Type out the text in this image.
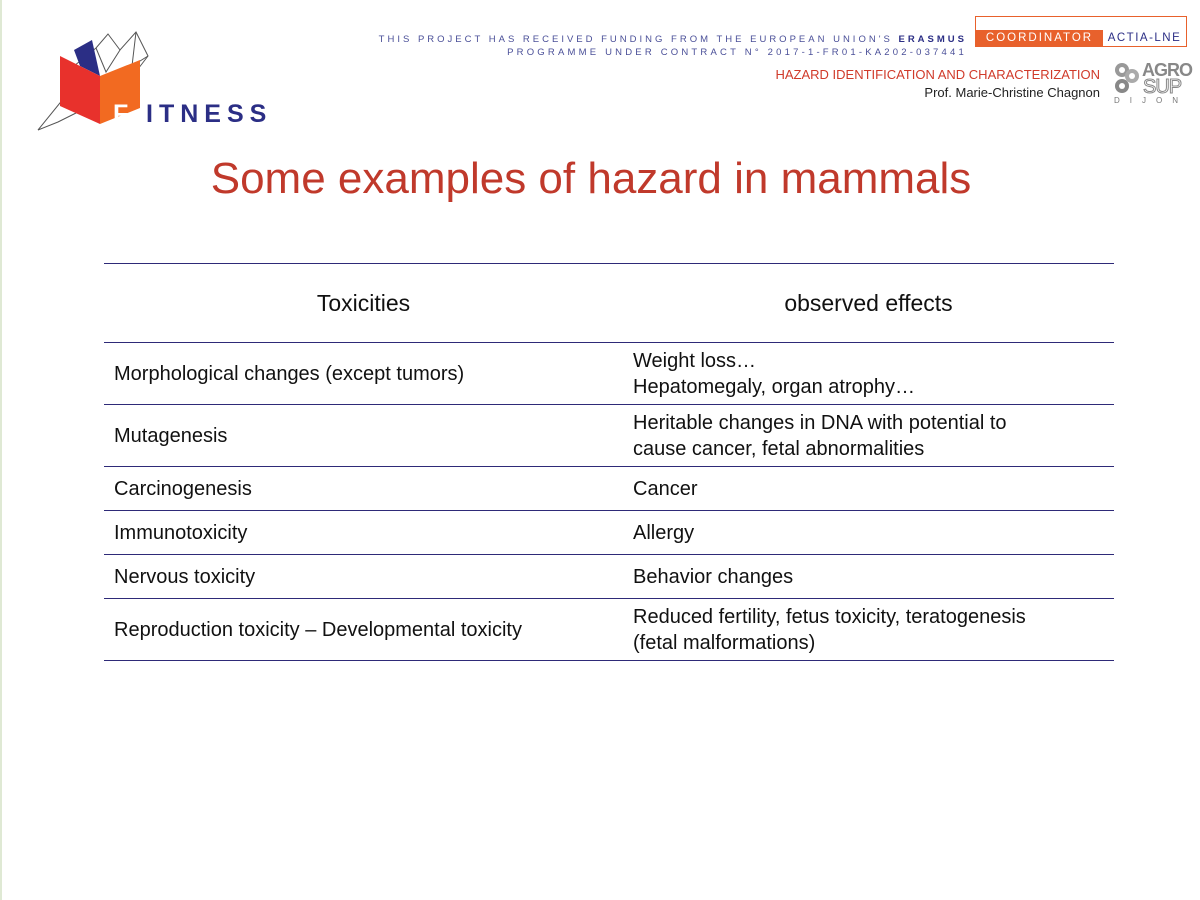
F ITNESS
THIS PROJECT HAS RECEIVED FUNDING FROM THE EUROPEAN UNION'S ERASMUS
PROGRAMME UNDER CONTRACT N° 2017-1-FR01-KA202-037441
COORDINATOR	ACTIA-LNE
HAZARD IDENTIFICATION AND CHARACTERIZATION
Prof. Marie-Christine Chagnon
AGRO
SUP
DIJON
Some examples of hazard in mammals
Toxicities	observed effects
Morphological changes (except tumors)	Weight loss…
Hepatomegaly, organ atrophy…
Mutagenesis	Heritable changes in DNA with potential to
cause cancer, fetal abnormalities
Carcinogenesis	Cancer
Immunotoxicity	Allergy
Nervous toxicity	Behavior changes
Reproduction toxicity – Developmental toxicity	Reduced fertility, fetus toxicity, teratogenesis
(fetal malformations)
